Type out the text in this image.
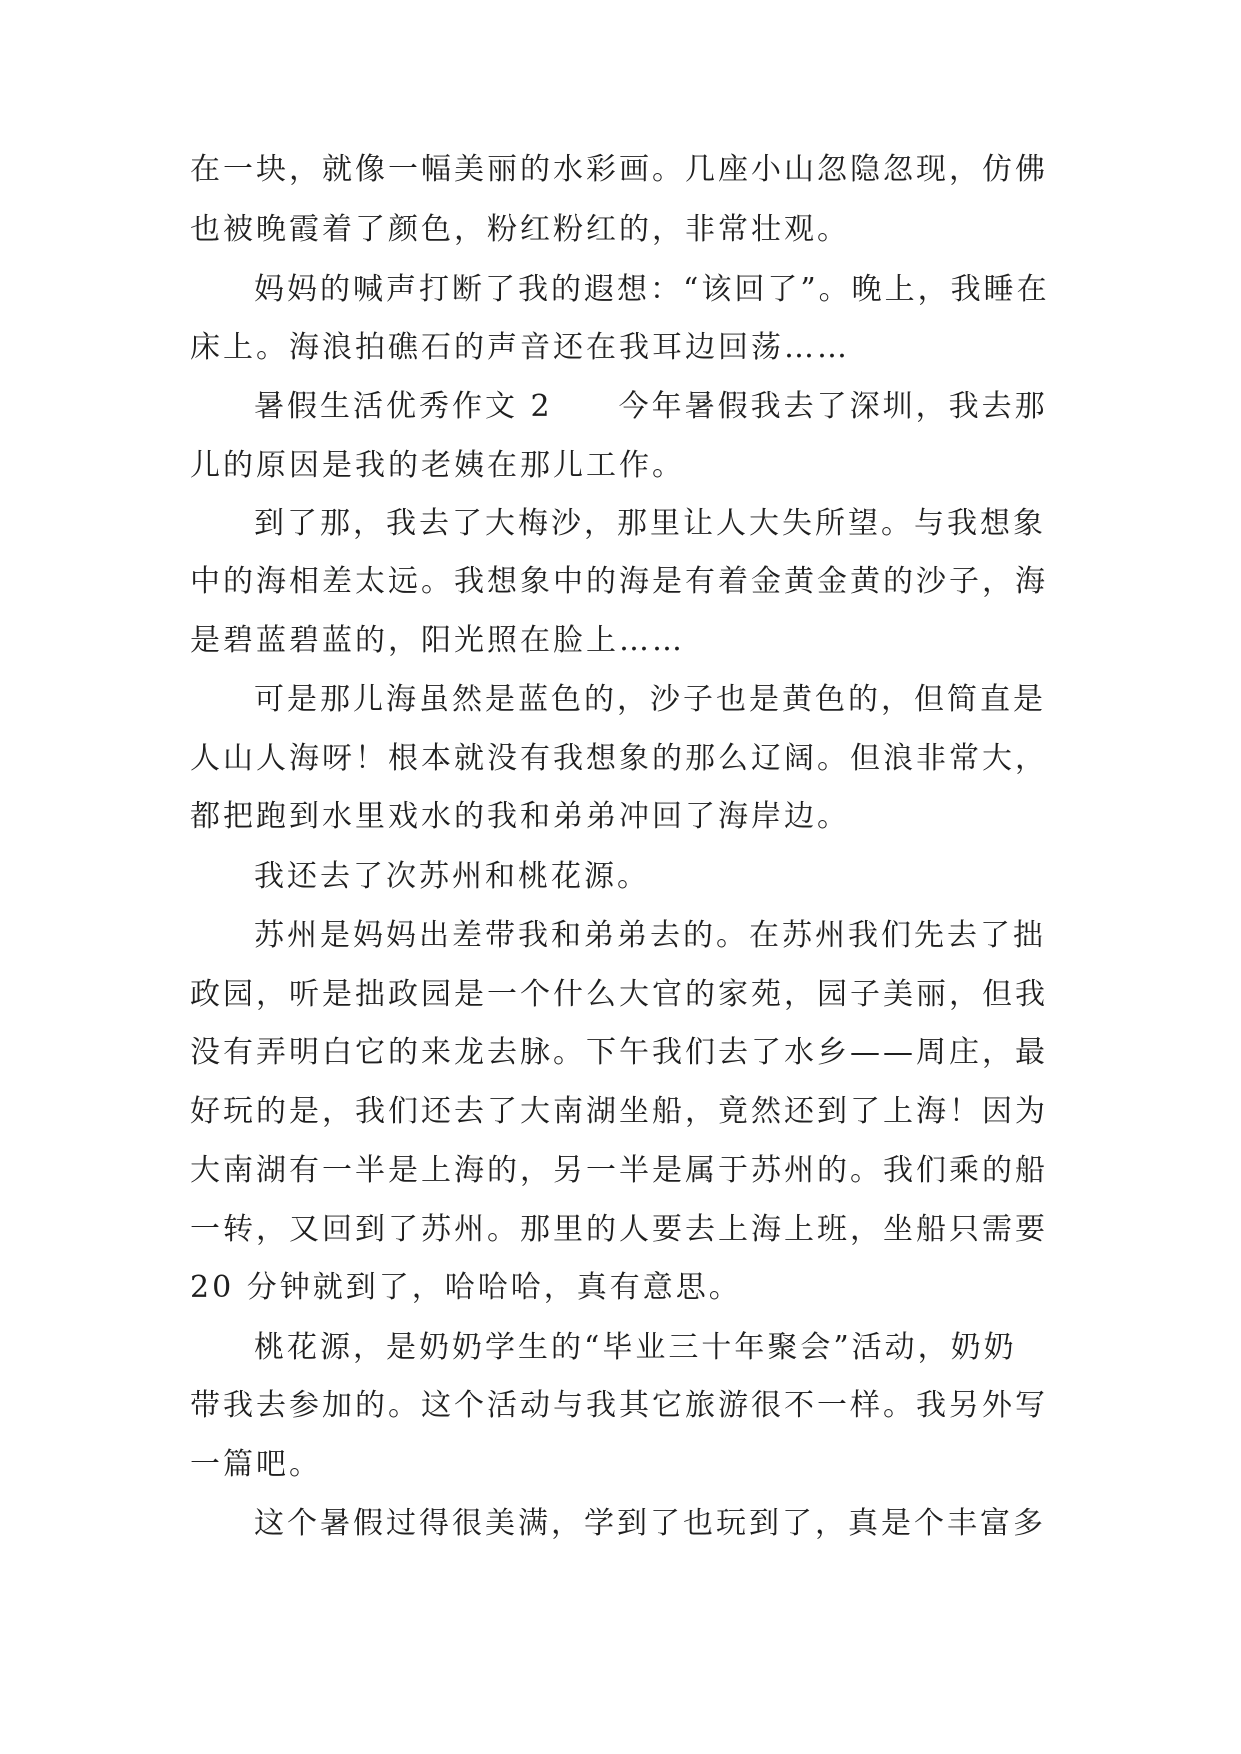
在一块，就像一幅美丽的水彩画。几座小山忽隐忽现，仿佛
也被晚霞着了颜色，粉红粉红的，非常壮观。
妈妈的喊声打断了我的遐想：“该回了”。晚上，我睡在
床上。海浪拍礁石的声音还在我耳边回荡……
暑假生活优秀作文 2　　今年暑假我去了深圳，我去那
儿的原因是我的老姨在那儿工作。
到了那，我去了大梅沙，那里让人大失所望。与我想象
中的海相差太远。我想象中的海是有着金黄金黄的沙子，海
是碧蓝碧蓝的，阳光照在脸上……
可是那儿海虽然是蓝色的，沙子也是黄色的，但简直是
人山人海呀！根本就没有我想象的那么辽阔。但浪非常大，
都把跑到水里戏水的我和弟弟冲回了海岸边。
我还去了次苏州和桃花源。
苏州是妈妈出差带我和弟弟去的。在苏州我们先去了拙
政园，听是拙政园是一个什么大官的家苑，园子美丽，但我
没有弄明白它的来龙去脉。下午我们去了水乡——周庄，最
好玩的是，我们还去了大南湖坐船，竟然还到了上海！因为
大南湖有一半是上海的，另一半是属于苏州的。我们乘的船
一转，又回到了苏州。那里的人要去上海上班，坐船只需要
20 分钟就到了，哈哈哈，真有意思。
桃花源，是奶奶学生的“毕业三十年聚会”活动，奶奶
带我去参加的。这个活动与我其它旅游很不一样。我另外写
一篇吧。
这个暑假过得很美满，学到了也玩到了，真是个丰富多
